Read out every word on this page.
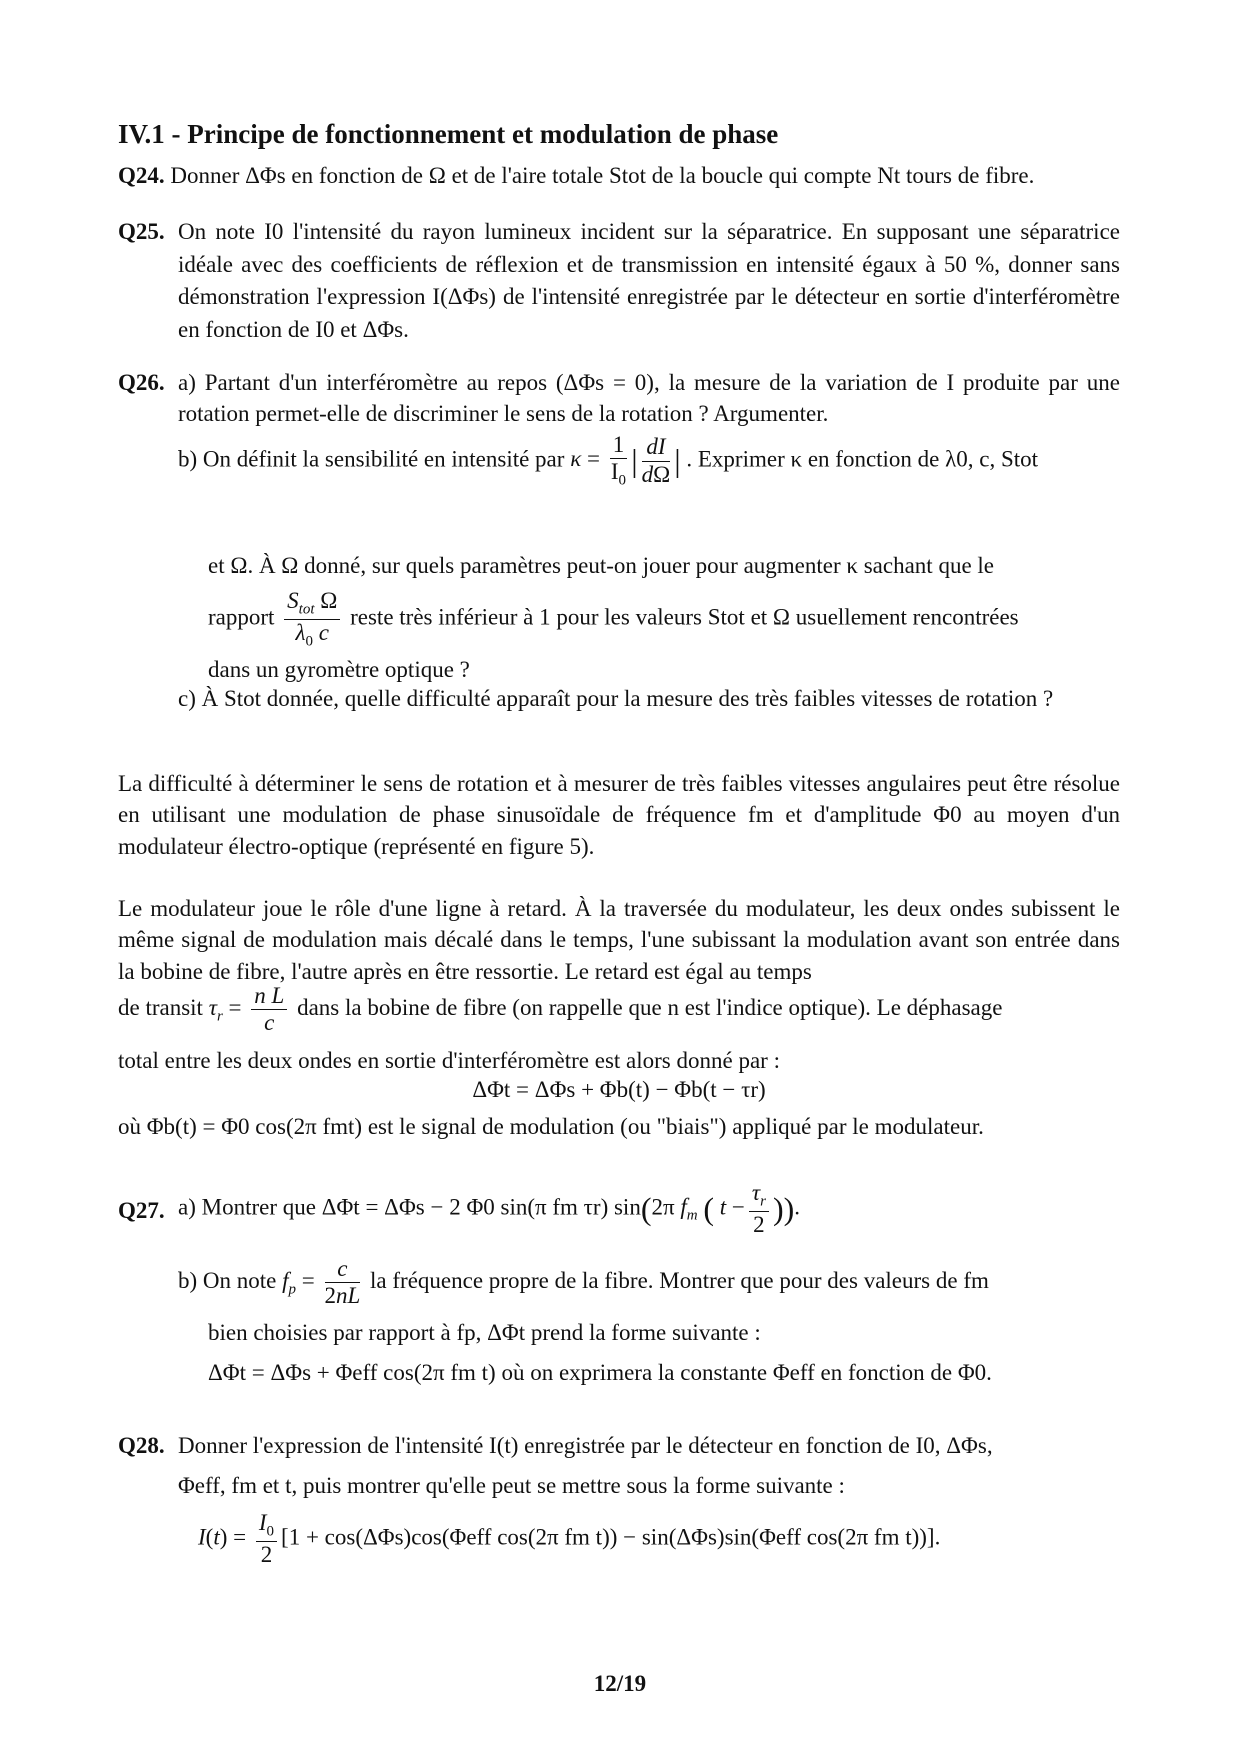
IV.1 - Principe de fonctionnement et modulation de phase
Q24. Donner ΔΦs en fonction de Ω et de l'aire totale Stot de la boucle qui compte Nt tours de fibre.
Q25. On note I0 l'intensité du rayon lumineux incident sur la séparatrice. En supposant une séparatrice idéale avec des coefficients de réflexion et de transmission en intensité égaux à 50 %, donner sans démonstration l'expression I(ΔΦs) de l'intensité enregistrée par le détecteur en sortie d'interféromètre en fonction de I0 et ΔΦs.
Q26. a) Partant d'un interféromètre au repos (ΔΦs = 0), la mesure de la variation de I produite par une rotation permet-elle de discriminer le sens de la rotation ? Argumenter.
b) On définit la sensibilité en intensité par $\kappa = \frac{1}{I_0}$ | $\frac{dI}{d\Omega}$ | . Exprimer κ en fonction de λ0, c, Stot
et Ω. À Ω donné, sur quels paramètres peut-on jouer pour augmenter κ sachant que le
rapport $\frac{S_{tot} \Omega}{\lambda_0 c}$ reste très inférieur à 1 pour les valeurs Stot et Ω usuellement rencontrées
dans un gyromètre optique ?
c) À Stot donnée, quelle difficulté apparaît pour la mesure des très faibles vitesses de rotation ?
La difficulté à déterminer le sens de rotation et à mesurer de très faibles vitesses angulaires peut être résolue en utilisant une modulation de phase sinusoïdale de fréquence fm et d'amplitude Φ0 au moyen d'un modulateur électro-optique (représenté en figure 5).
Le modulateur joue le rôle d'une ligne à retard. À la traversée du modulateur, les deux ondes subissent le même signal de modulation mais décalé dans le temps, l'une subissant la modulation avant son entrée dans la bobine de fibre, l'autre après en être ressortie. Le retard est égal au temps
de transit $\tau_r = \frac{\text{n L}}{c}$ dans la bobine de fibre (on rappelle que n est l'indice optique). Le déphasage
total entre les deux ondes en sortie d'interféromètre est alors donné par :
ΔΦt = ΔΦs + Φb(t) − Φb(t − τr)
où Φb(t) = Φ0 cos(2π fmt) est le signal de modulation (ou "biais") appliqué par le modulateur.
Q27. a) Montrer que ΔΦt = ΔΦs − 2 Φ0 sin(π fm τr) sin(2π $f_m$ ( $t - \frac{\tau_r}{2}$ )).
b) On note $f_p = \frac{c}{2nL}$ la fréquence propre de la fibre. Montrer que pour des valeurs de fm
bien choisies par rapport à fp, ΔΦt prend la forme suivante :
ΔΦt = ΔΦs + Φeff cos(2π fm t) où on exprimera la constante Φeff en fonction de Φ0.
Q28. Donner l'expression de l'intensité I(t) enregistrée par le détecteur en fonction de I0, ΔΦs,
Φeff, fm et t, puis montrer qu'elle peut se mettre sous la forme suivante :
$I(t) = \frac{I_0}{2} [1 + \cos(\Delta\Phi s)\cos(\Phi eff$ cos(2π fm t)) − sin(ΔΦs)sin(Φeff cos(2π fm t))].
12/19
